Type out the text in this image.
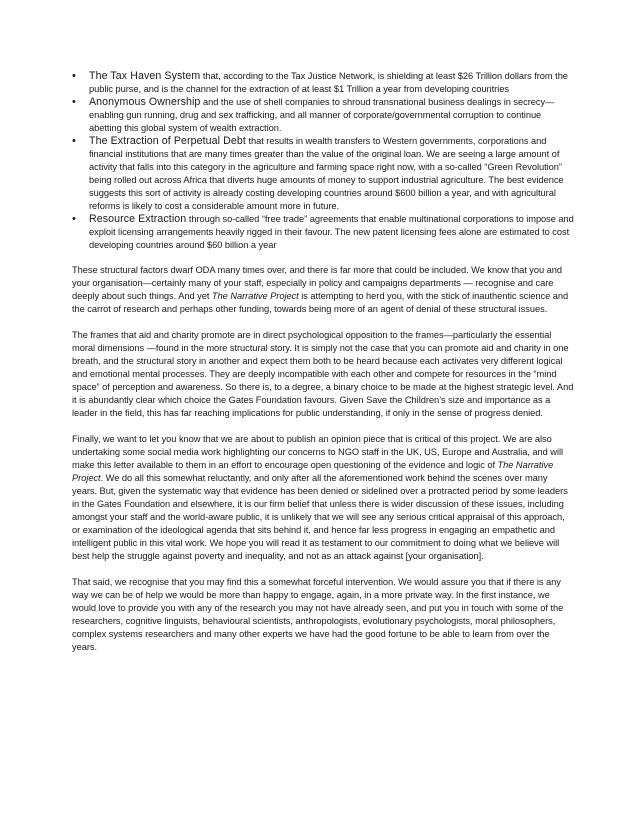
• The Tax Haven System that, according to the Tax Justice Network, is shielding at least $26 Trillion dollars from the public purse, and is the channel for the extraction of at least $1 Trillion a year from developing countries
• Anonymous Ownership and the use of shell companies to shroud transnational business dealings in secrecy—enabling gun running, drug and sex trafficking, and all manner of corporate/governmental corruption to continue abetting this global system of wealth extraction.
• The Extraction of Perpetual Debt that results in wealth transfers to Western governments, corporations and financial institutions that are many times greater than the value of the original loan. We are seeing a large amount of activity that falls into this category in the agriculture and farming space right now, with a so-called “Green Revolution” being rolled out across Africa that diverts huge amounts of money to support industrial agriculture. The best evidence suggests this sort of activity is already costing developing countries around $600 billion a year, and with agricultural reforms is likely to cost a considerable amount more in future.
• Resource Extraction through so-called “free trade” agreements that enable multinational corporations to impose and exploit licensing arrangements heavily rigged in their favour. The new patent licensing fees alone are estimated to cost developing countries around $60 billion a year

These structural factors dwarf ODA many times over, and there is far more that could be included. We know that you and your organisation—certainly many of your staff, especially in policy and campaigns departments — recognise and care deeply about such things. And yet The Narrative Project is attempting to herd you, with the stick of inauthentic science and the carrot of research and perhaps other funding, towards being more of an agent of denial of these structural issues.

The frames that aid and charity promote are in direct psychological opposition to the frames—particularly the essential moral dimensions —found in the more structural story. It is simply not the case that you can promote aid and charity in one breath, and the structural story in another and expect them both to be heard because each activates very different logical and emotional mental processes. They are deeply incompatible with each other and compete for resources in the “mind space” of perception and awareness. So there is, to a degree, a binary choice to be made at the highest strategic level. And it is abundantly clear which choice the Gates Foundation favours. Given Save the Children’s size and importance as a leader in the field, this has far reaching implications for public understanding, if only in the sense of progress denied.

Finally, we want to let you know that we are about to publish an opinion piece that is critical of this project. We are also undertaking some social media work highlighting our concerns to NGO staff in the UK, US, Europe and Australia, and will make this letter available to them in an effort to encourage open questioning of the evidence and logic of The Narrative Project. We do all this somewhat reluctantly, and only after all the aforementioned work behind the scenes over many years. But, given the systematic way that evidence has been denied or sidelined over a protracted period by some leaders in the Gates Foundation and elsewhere, it is our firm belief that unless there is wider discussion of these issues, including amongst your staff and the world-aware public, it is unlikely that we will see any serious critical appraisal of this approach, or examination of the ideological agenda that sits behind it, and hence far less progress in engaging an empathetic and intelligent public in this vital work. We hope you will read it as testament to our commitment to doing what we believe will best help the struggle against poverty and inequality, and not as an attack against [your organisation].

That said, we recognise that you may find this a somewhat forceful intervention. We would assure you that if there is any way we can be of help we would be more than happy to engage, again, in a more private way. In the first instance, we would love to provide you with any of the research you may not have already seen, and put you in touch with some of the researchers, cognitive linguists, behavioural scientists, anthropologists, evolutionary psychologists, moral philosophers, complex systems researchers and many other experts we have had the good fortune to be able to learn from over the years.
